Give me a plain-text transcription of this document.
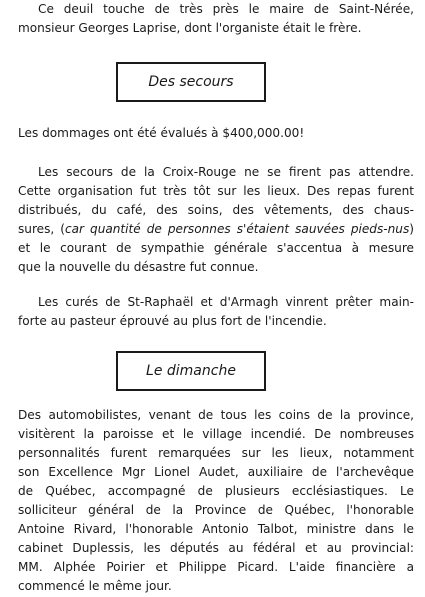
Ce deuil touche de très près le maire de Saint-Nérée,
monsieur Georges Laprise, dont l'organiste était le frère.
Des secours
Les dommages ont été évalués à $400,000.00!
Les secours de la Croix-Rouge ne se firent pas attendre.
Cette organisation fut très tôt sur les lieux. Des repas furent
distribués, du café, des soins, des vêtements, des chaus-
sures, (car quantité de personnes s'étaient sauvées pieds-nus)
et le courant de sympathie générale s'accentua à mesure
que la nouvelle du désastre fut connue.
Les curés de St-Raphaël et d'Armagh vinrent prêter main-
forte au pasteur éprouvé au plus fort de l'incendie.
Le dimanche
Des automobilistes, venant de tous les coins de la province,
visitèrent la paroisse et le village incendié. De nombreuses
personnalités furent remarquées sur les lieux, notamment
son Excellence Mgr Lionel Audet, auxiliaire de l'archevêque
de Québec, accompagné de plusieurs ecclésiastiques. Le
solliciteur général de la Province de Québec, l'honorable
Antoine Rivard, l'honorable Antonio Talbot, ministre dans le
cabinet Duplessis, les députés au fédéral et au provincial:
MM. Alphée Poirier et Philippe Picard. L'aide financière a
commencé le même jour.
